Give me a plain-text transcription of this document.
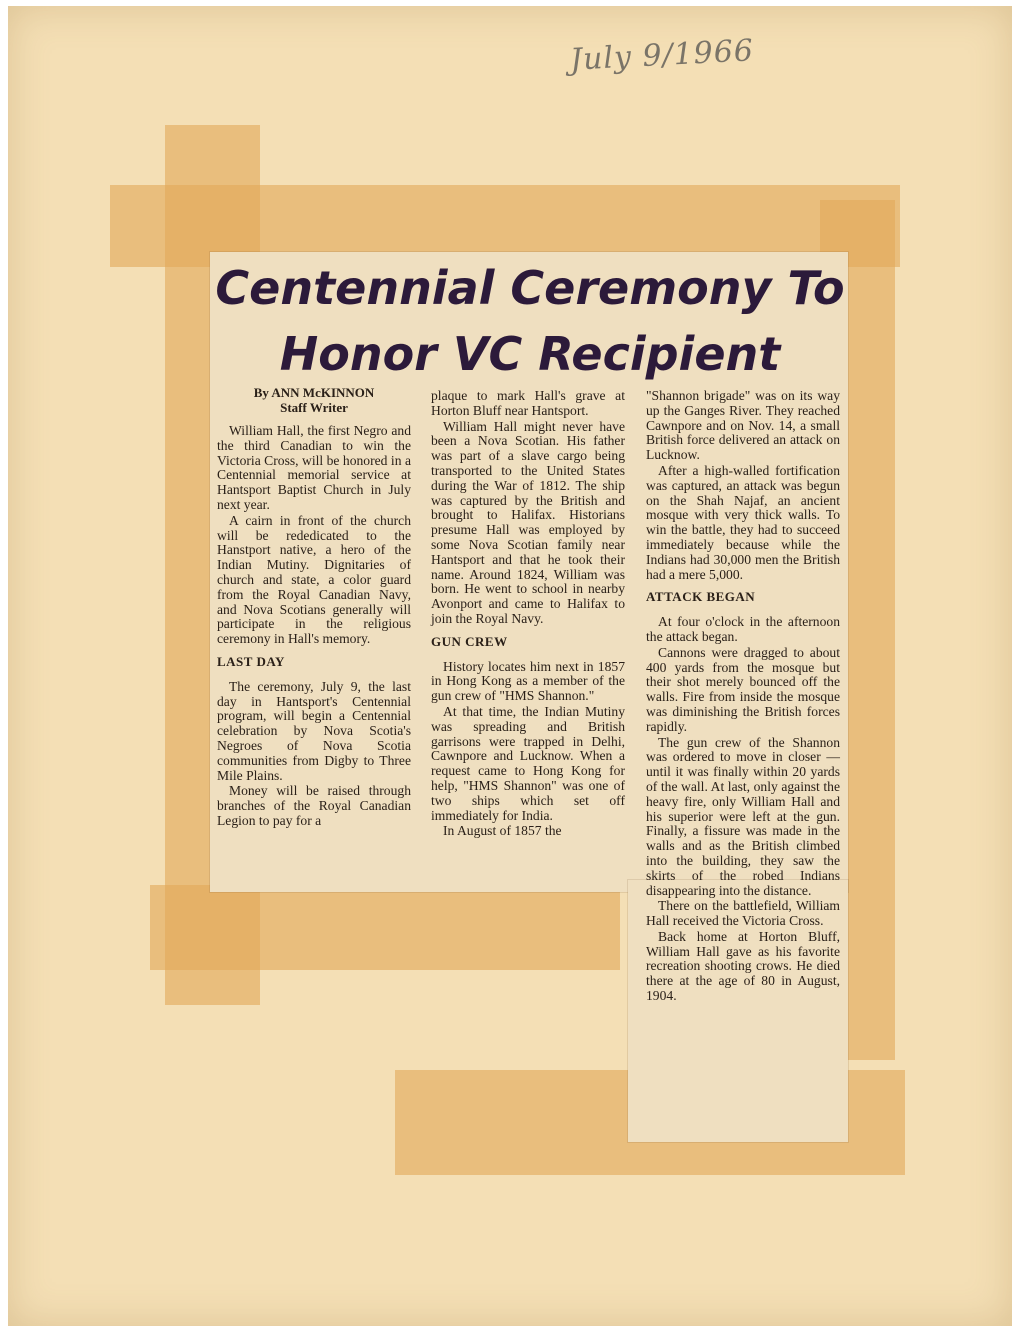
July 9/1966
Centennial Ceremony To
Honor VC Recipient
By ANN McKINNON
Staff Writer

William Hall, the first Negro and the third Canadian to win the Victoria Cross, will be honored in a Centennial memorial service at Hantsport Baptist Church in July next year.

A cairn in front of the church will be rededicated to the Hanstport native, a hero of the Indian Mutiny. Dignitaries of church and state, a color guard from the Royal Canadian Navy, and Nova Scotians generally will participate in the religious ceremony in Hall's memory.

LAST DAY

The ceremony, July 9, the last day in Hantsport's Centennial program, will begin a Centennial celebration by Nova Scotia's Negroes of Nova Scotia communities from Digby to Three Mile Plains.

Money will be raised through branches of the Royal Canadian Legion to pay for a

plaque to mark Hall's grave at Horton Bluff near Hantsport.

William Hall might never have been a Nova Scotian. His father was part of a slave cargo being transported to the United States during the War of 1812. The ship was captured by the British and brought to Halifax. Historians presume Hall was employed by some Nova Scotian family near Hantsport and that he took their name. Around 1824, William was born. He went to school in nearby Avonport and came to Halifax to join the Royal Navy.

GUN CREW

History locates him next in 1857 in Hong Kong as a member of the gun crew of "HMS Shannon."

At that time, the Indian Mutiny was spreading and British garrisons were trapped in Delhi, Cawnpore and Lucknow. When a request came to Hong Kong for help, "HMS Shannon" was one of two ships which set off immediately for India.

In August of 1857 the

"Shannon brigade" was on its way up the Ganges River. They reached Cawnpore and on Nov. 14, a small British force delivered an attack on Lucknow.

After a high-walled fortification was captured, an attack was begun on the Shah Najaf, an ancient mosque with very thick walls. To win the battle, they had to succeed immediately because while the Indians had 30,000 men the British had a mere 5,000.

ATTACK BEGAN

At four o'clock in the afternoon the attack began.

Cannons were dragged to about 400 yards from the mosque but their shot merely bounced off the walls. Fire from inside the mosque was diminishing the British forces rapidly.

The gun crew of the Shannon was ordered to move in closer — until it was finally within 20 yards of the wall. At last, only against the heavy fire, only William Hall and his superior were left at the gun. Finally, a fissure was made in the walls and as the British climbed into the building, they saw the skirts of the robed Indians disappearing into the distance.

There on the battlefield, William Hall received the Victoria Cross.

Back home at Horton Bluff, William Hall gave as his favorite recreation shooting crows. He died there at the age of 80 in August, 1904.
